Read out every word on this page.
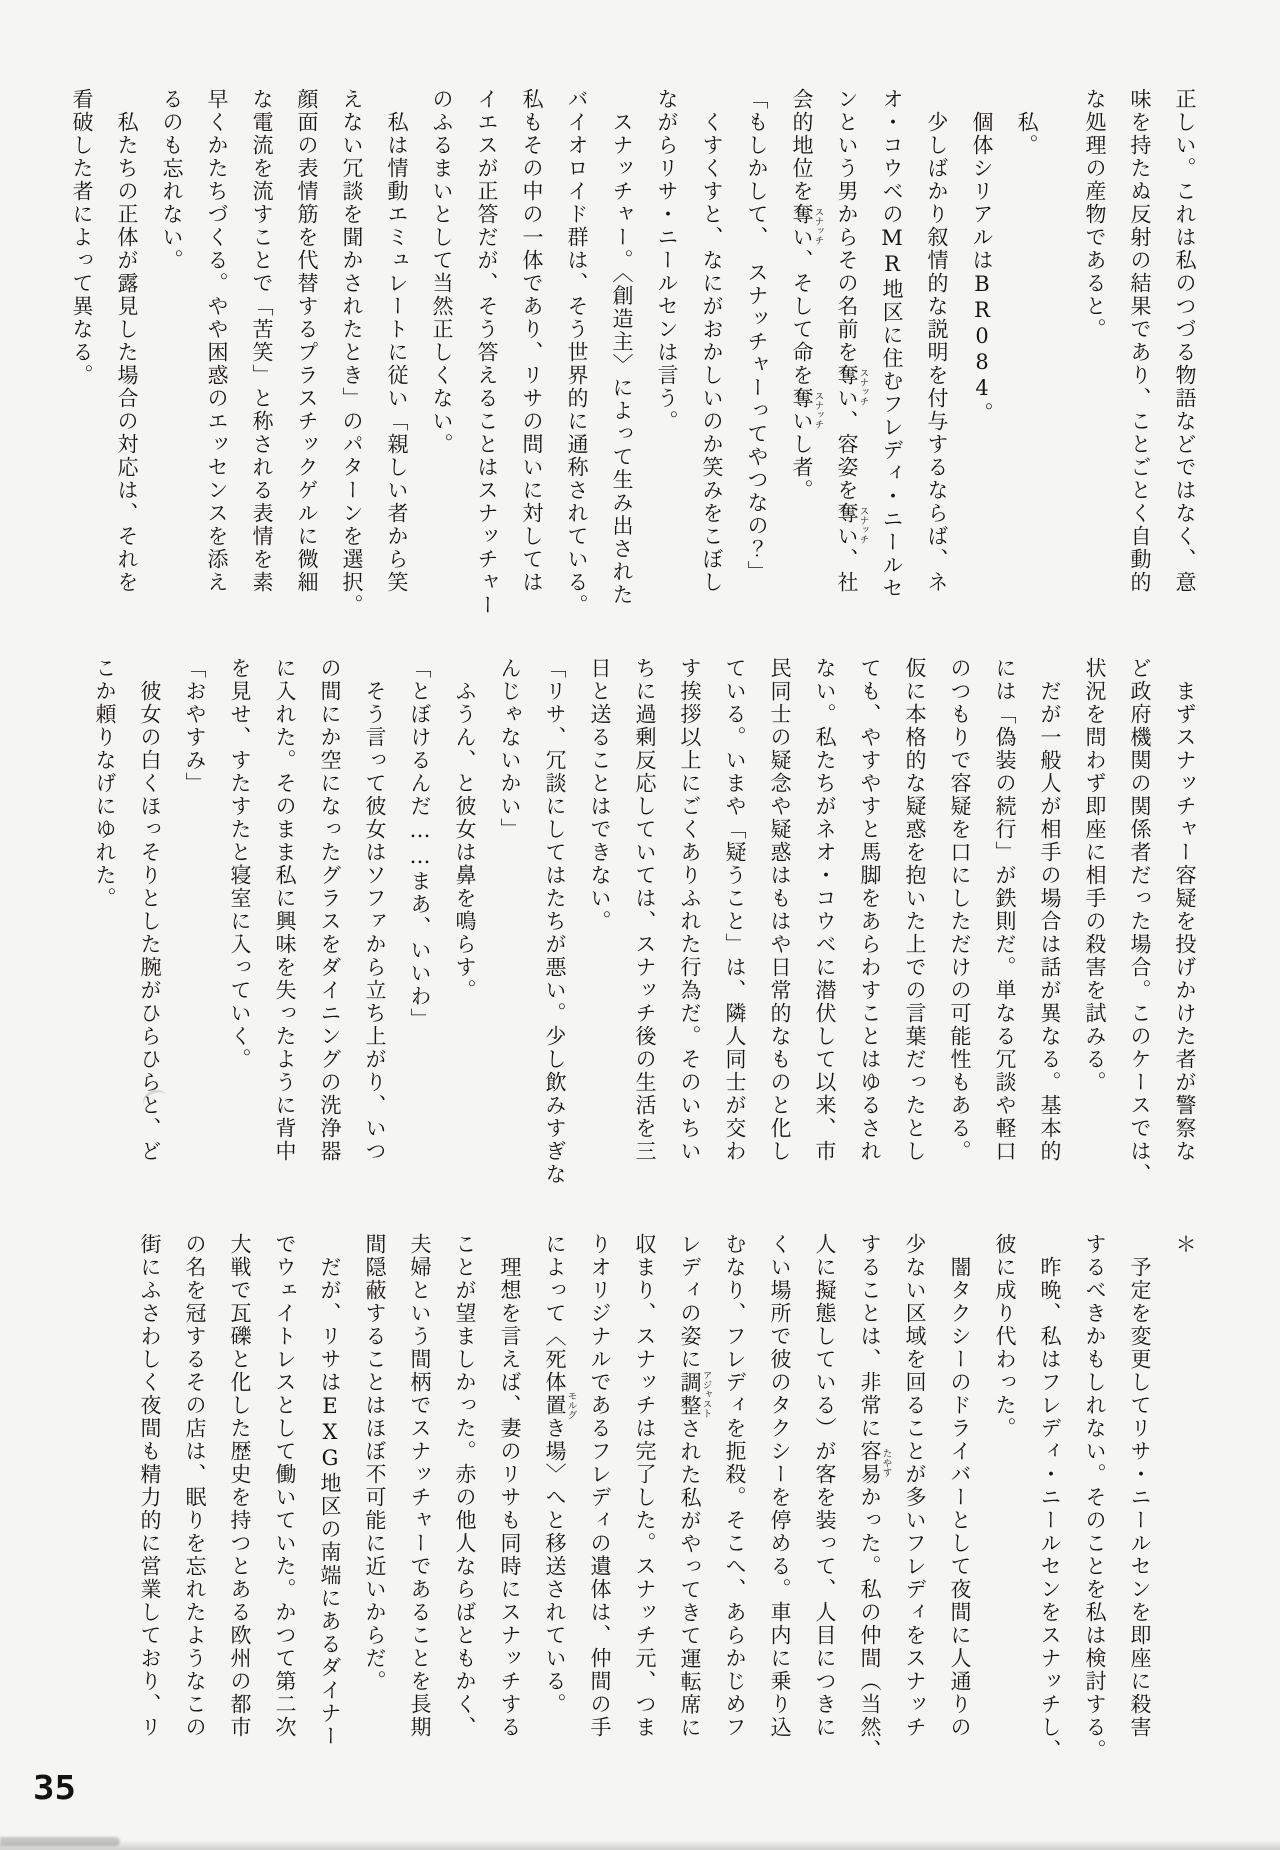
正しい。これは私のつづる物語などではなく、意

味を持たぬ反射の結果であり、ことごとく自動的

な処理の産物であると。

　私。

　個体シリアルはBR084。

　少しばかり叙情的な説明を付与するならば、ネ

オ・コウベのMR地区に住むフレディ・ニールセ

ンという男からその名前を奪いスナッチ、容姿を奪いスナッチ、社

会的地位を奪いスナッチ、そして命を奪いスナッチし者。

「もしかして、　スナッチャーってやつなの？」

　くすくすと、なにがおかしいのか笑みをこぼし

ながらリサ・ニールセンは言う。

　スナッチャー。〈創造主〉によって生み出された

バイオロイド群は、そう世界的に通称されている。

私もその中の一体であり、リサの問いに対しては

イエスが正答だが、そう答えることはスナッチャー

のふるまいとして当然正しくない。

　私は情動エミュレートに従い「親しい者から笑

えない冗談を聞かされたとき」のパターンを選択。

顔面の表情筋を代替するプラスチックゲルに微細

な電流を流すことで「苦笑」と称される表情を素

早くかたちづくる。やや困惑のエッセンスを添え

るのも忘れない。

　私たちの正体が露見した場合の対応は、それを

看破した者によって異なる。

　まずスナッチャー容疑を投げかけた者が警察な

ど政府機関の関係者だった場合。このケースでは、

状況を問わず即座に相手の殺害を試みる。

　だが一般人が相手の場合は話が異なる。基本的

には「偽装の続行」が鉄則だ。単なる冗談や軽口

のつもりで容疑を口にしただけの可能性もある。

仮に本格的な疑惑を抱いた上での言葉だったとし

ても、やすやすと馬脚をあらわすことはゆるされ

ない。私たちがネオ・コウベに潜伏して以来、市

民同士の疑念や疑惑はもはや日常的なものと化し

ている。いまや「疑うこと」は、隣人同士が交わ

す挨拶以上にごくありふれた行為だ。そのいちい

ちに過剰反応していては、スナッチ後の生活を三

日と送ることはできない。

「リサ、冗談にしてはたちが悪い。少し飲みすぎな

んじゃないかい」

　ふうん、と彼女は鼻を鳴らす。

「とぼけるんだ……まあ、いいわ」

　そう言って彼女はソファから立ち上がり、いつ

の間にか空になったグラスをダイニングの洗浄器

に入れた。そのまま私に興味を失ったように背中

を見せ、すたすたと寝室に入っていく。

「おやすみ」

　彼女の白くほっそりとした腕がひらひらと、ど

こか頼りなげにゆれた。

＊

　予定を変更してリサ・ニールセンを即座に殺害

するべきかもしれない。そのことを私は検討する。

　昨晩、私はフレディ・ニールセンをスナッチし、

彼に成り代わった。

　闇タクシーのドライバーとして夜間に人通りの

少ない区域を回ることが多いフレディをスナッチ

することは、非常に容易たやすかった。私の仲間（当然、

人に擬態している）が客を装って、人目につきに

くい場所で彼のタクシーを停める。車内に乗り込

むなり、フレディを扼殺。そこへ、あらかじめフ

レディの姿に調整アジャストされた私がやってきて運転席に

収まり、スナッチは完了した。スナッチ元、つま

りオリジナルであるフレディの遺体は、仲間の手

によって〈死体置き場モルグ〉へと移送されている。

　理想を言えば、妻のリサも同時にスナッチする

ことが望ましかった。赤の他人ならばともかく、

夫婦という間柄でスナッチャーであることを長期

間隠蔽することはほぼ不可能に近いからだ。

　だが、リサはEXG地区の南端にあるダイナー

でウェイトレスとして働いていた。かつて第二次

大戦で瓦礫と化した歴史を持つとある欧州の都市

の名を冠するその店は、眠りを忘れたようなこの

街にふさわしく夜間も精力的に営業しており、リ

35
